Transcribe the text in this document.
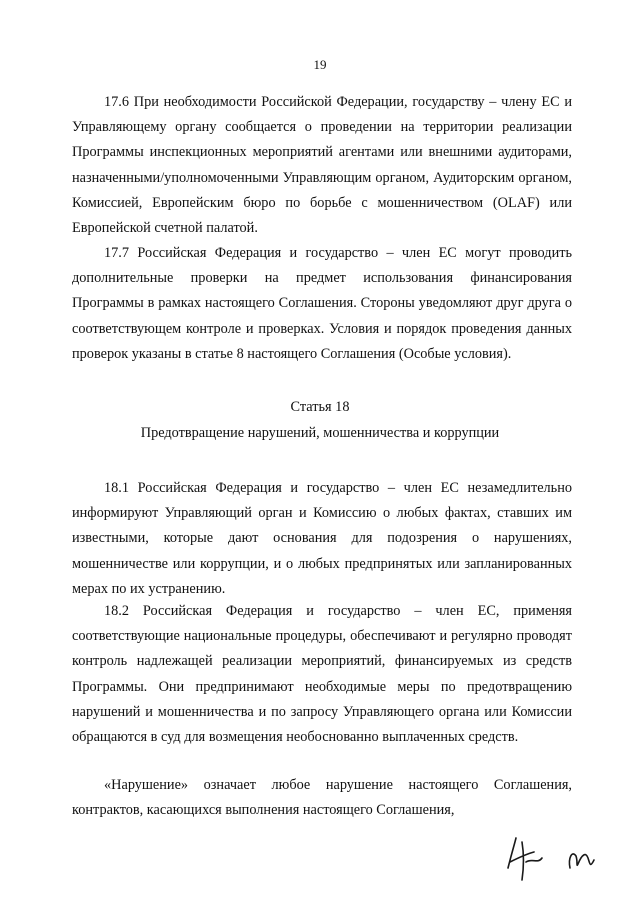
19

17.6 При необходимости Российской Федерации, государству – члену ЕС и Управляющему органу сообщается о проведении на территории реализации Программы инспекционных мероприятий агентами или внешними аудиторами, назначенными/уполномоченными Управляющим органом, Аудиторским органом, Комиссией, Европейским бюро по борьбе с мошенничеством (OLAF) или Европейской счетной палатой.

17.7 Российская Федерация и государство – член ЕС могут проводить дополнительные проверки на предмет использования финансирования Программы в рамках настоящего Соглашения. Стороны уведомляют друг друга о соответствующем контроле и проверках. Условия и порядок проведения данных проверок указаны в статье 8 настоящего Соглашения (Особые условия).

Статья 18
Предотвращение нарушений, мошенничества и коррупции

18.1 Российская Федерация и государство – член ЕС незамедлительно информируют Управляющий орган и Комиссию о любых фактах, ставших им известными, которые дают основания для подозрения о нарушениях, мошенничестве или коррупции, и о любых предпринятых или запланированных мерах по их устранению.

18.2 Российская Федерация и государство – член ЕС, применяя соответствующие национальные процедуры, обеспечивают и регулярно проводят контроль надлежащей реализации мероприятий, финансируемых из средств Программы. Они предпринимают необходимые меры по предотвращению нарушений и мошенничества и по запросу Управляющего органа или Комиссии обращаются в суд для возмещения необоснованно выплаченных средств.

«Нарушение» означает любое нарушение настоящего Соглашения, контрактов, касающихся выполнения настоящего Соглашения,
